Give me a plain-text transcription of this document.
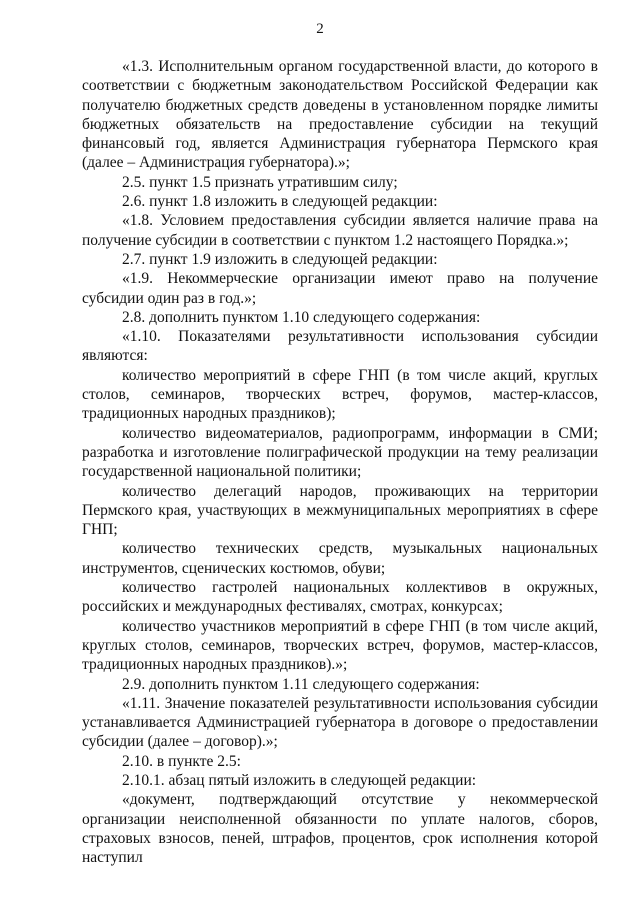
2

«1.3. Исполнительным органом государственной власти, до которого в соответствии с бюджетным законодательством Российской Федерации как получателю бюджетных средств доведены в установленном порядке лимиты бюджетных обязательств на предоставление субсидии на текущий финансовый год, является Администрация губернатора Пермского края (далее – Администрация губернатора).»;

2.5. пункт 1.5 признать утратившим силу;

2.6. пункт 1.8 изложить в следующей редакции:

«1.8. Условием предоставления субсидии является наличие права на получение субсидии в соответствии с пунктом 1.2 настоящего Порядка.»;

2.7. пункт 1.9 изложить в следующей редакции:

«1.9. Некоммерческие организации имеют право на получение субсидии один раз в год.»;

2.8. дополнить пунктом 1.10 следующего содержания:

«1.10. Показателями результативности использования субсидии являются:

количество мероприятий в сфере ГНП (в том числе акций, круглых столов, семинаров, творческих встреч, форумов, мастер-классов, традиционных народных праздников);

количество видеоматериалов, радиопрограмм, информации в СМИ; разработка и изготовление полиграфической продукции на тему реализации государственной национальной политики;

количество делегаций народов, проживающих на территории Пермского края, участвующих в межмуниципальных мероприятиях в сфере ГНП;

количество технических средств, музыкальных национальных инструментов, сценических костюмов, обуви;

количество гастролей национальных коллективов в окружных, российских и международных фестивалях, смотрах, конкурсах;

количество участников мероприятий в сфере ГНП (в том числе акций, круглых столов, семинаров, творческих встреч, форумов, мастер-классов, традиционных народных праздников).»;

2.9. дополнить пунктом 1.11 следующего содержания:

«1.11. Значение показателей результативности использования субсидии устанавливается Администрацией губернатора в договоре о предоставлении субсидии (далее – договор).»;

2.10. в пункте 2.5:

2.10.1. абзац пятый изложить в следующей редакции:

«документ, подтверждающий отсутствие у некоммерческой организации неисполненной обязанности по уплате налогов, сборов, страховых взносов, пеней, штрафов, процентов, срок исполнения которой наступил
